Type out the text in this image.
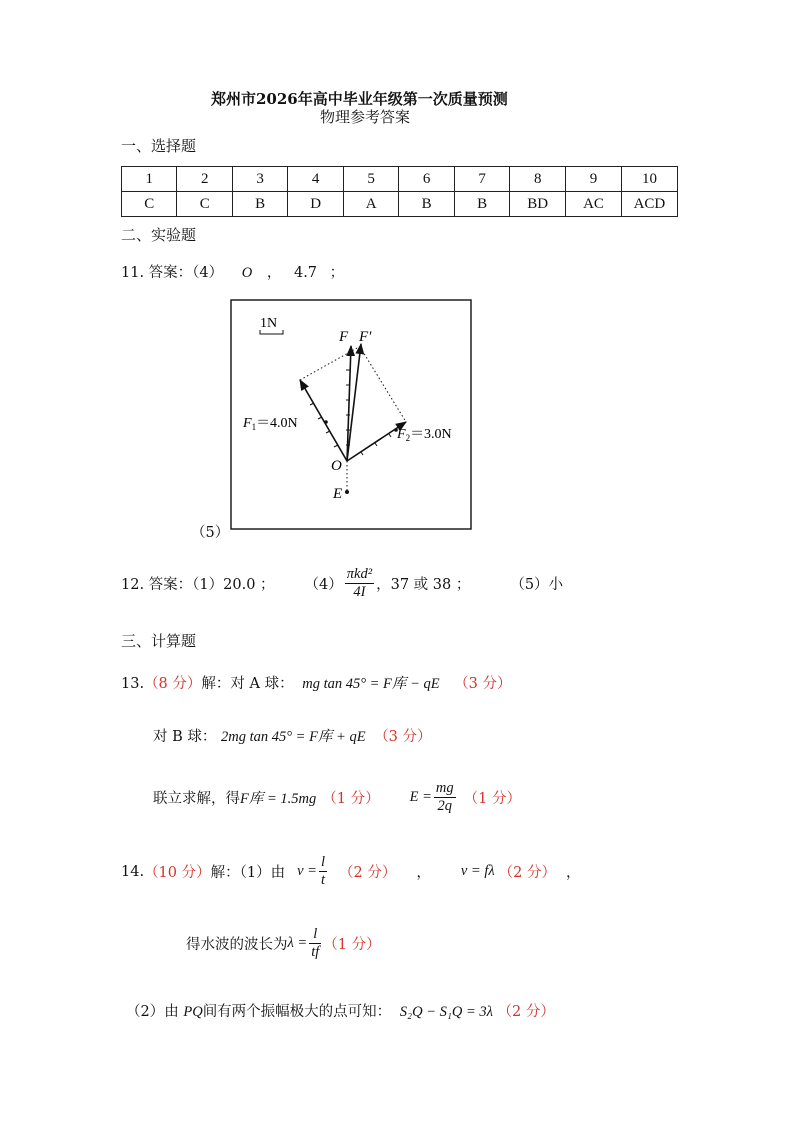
郑州市2026年高中毕业年级第一次质量预测
物理参考答案
一、选择题
1	2	3	4	5	6	7	8	9	10
C	C	B	D	A	B	B	BD	AC	ACD
二、实验题
11. 答案：（4） O ， 4.7 ；
1N
F F′
$F_1=4.0N$
$F_2=3.0N$
O
E
（5）
12. 答案：（1）20.0 ； $(4) \frac{\text{πkd²}}{4I}$ ，37 或 38 ；	（5）小
三、计算题
13.（8 分）解：对 A 球： mg tan 45° = F库 − qE （3 分）
对 B 球： 2mg tan 45° = F库 + qE （3 分）
联立求解，得 F库 = 1.5mg （1 分） $E = \frac{mg}{2q} (1$ 分）
14. （10 分） 解：（1）由 $v = \frac{l}{t} (2$ 分） ， v = fλ （2 分） ，
得水波的波长为 $\lambda = \frac{l}{tf} (1$ 分）
（2）由 PQ间有两个振幅极大的点可知： S₂Q − S₁Q = 3λ （2 分）
